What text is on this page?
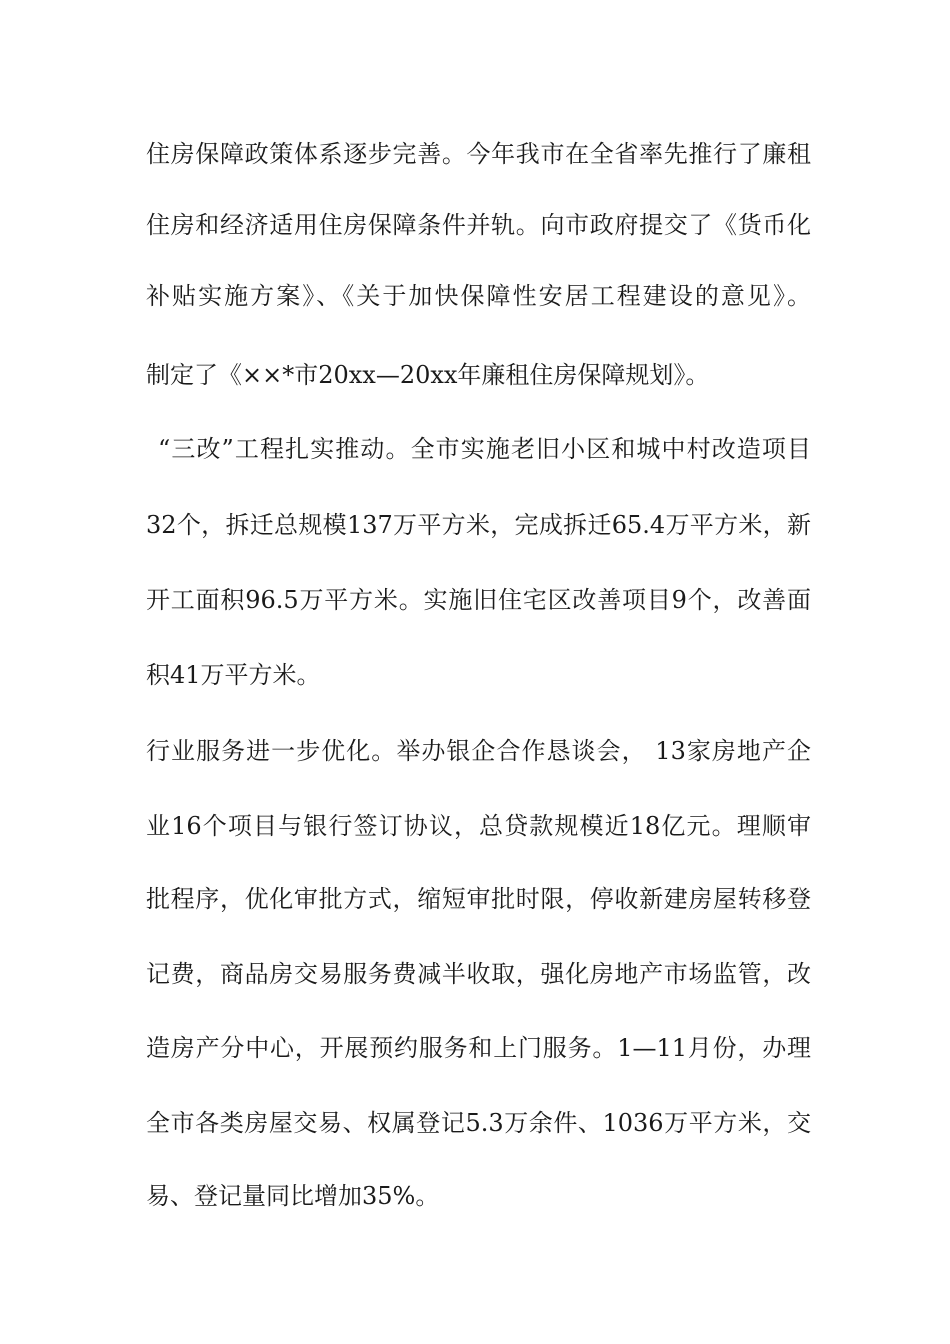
住房保障政策体系逐步完善。今年我市在全省率先推行了廉租
住房和经济适用住房保障条件并轨。向市政府提交了《货币化
补贴实施方案》、《关于加快保障性安居工程建设的意见》。
制定了《××*市20xx—20xx年廉租住房保障规划》。
“三改”工程扎实推动。全市实施老旧小区和城中村改造项目
32个，拆迁总规模137万平方米，完成拆迁65.4万平方米，新
开工面积96.5万平方米。实施旧住宅区改善项目9个，改善面
积41万平方米。
行业服务进一步优化。举办银企合作恳谈会， 13家房地产企
业16个项目与银行签订协议，总贷款规模近18亿元。理顺审
批程序，优化审批方式，缩短审批时限，停收新建房屋转移登
记费，商品房交易服务费减半收取，强化房地产市场监管，改
造房产分中心，开展预约服务和上门服务。1—11月份，办理
全市各类房屋交易、权属登记5.3万余件、1036万平方米，交
易、登记量同比增加35%。
